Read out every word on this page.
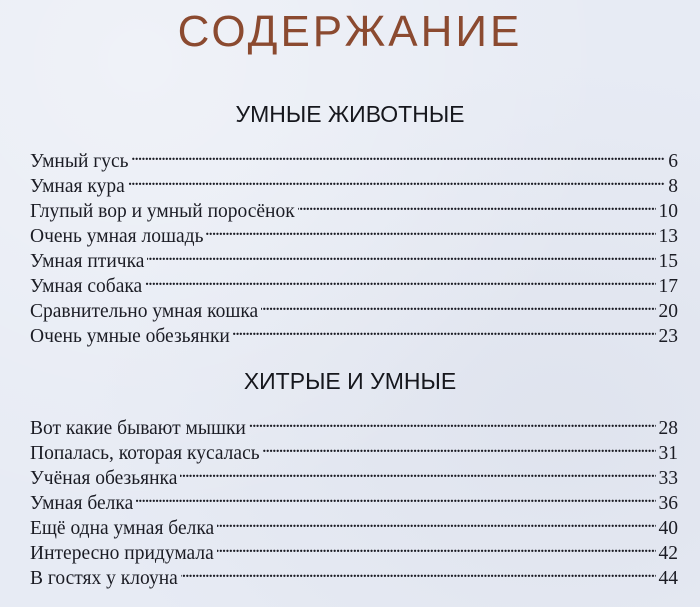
СОДЕРЖАНИЕ
УМНЫЕ ЖИВОТНЫЕ
Умный гусь . . .	6
Умная кура . . .	8
Глупый вор и умный поросёнок . . .	10
Очень умная лошадь . . .	13
Умная птичка . . .	15
Умная собака . . .	17
Сравнительно умная кошка . . .	20
Очень умные обезьянки . . .	23
ХИТРЫЕ И УМНЫЕ
Вот какие бывают мышки . . .	28
Попалась, которая кусалась . . .	31
Учёная обезьянка . . .	33
Умная белка . . .	36
Ещё одна умная белка . . .	40
Интересно придумала . . .	42
В гостях у клоуна . . .	44
